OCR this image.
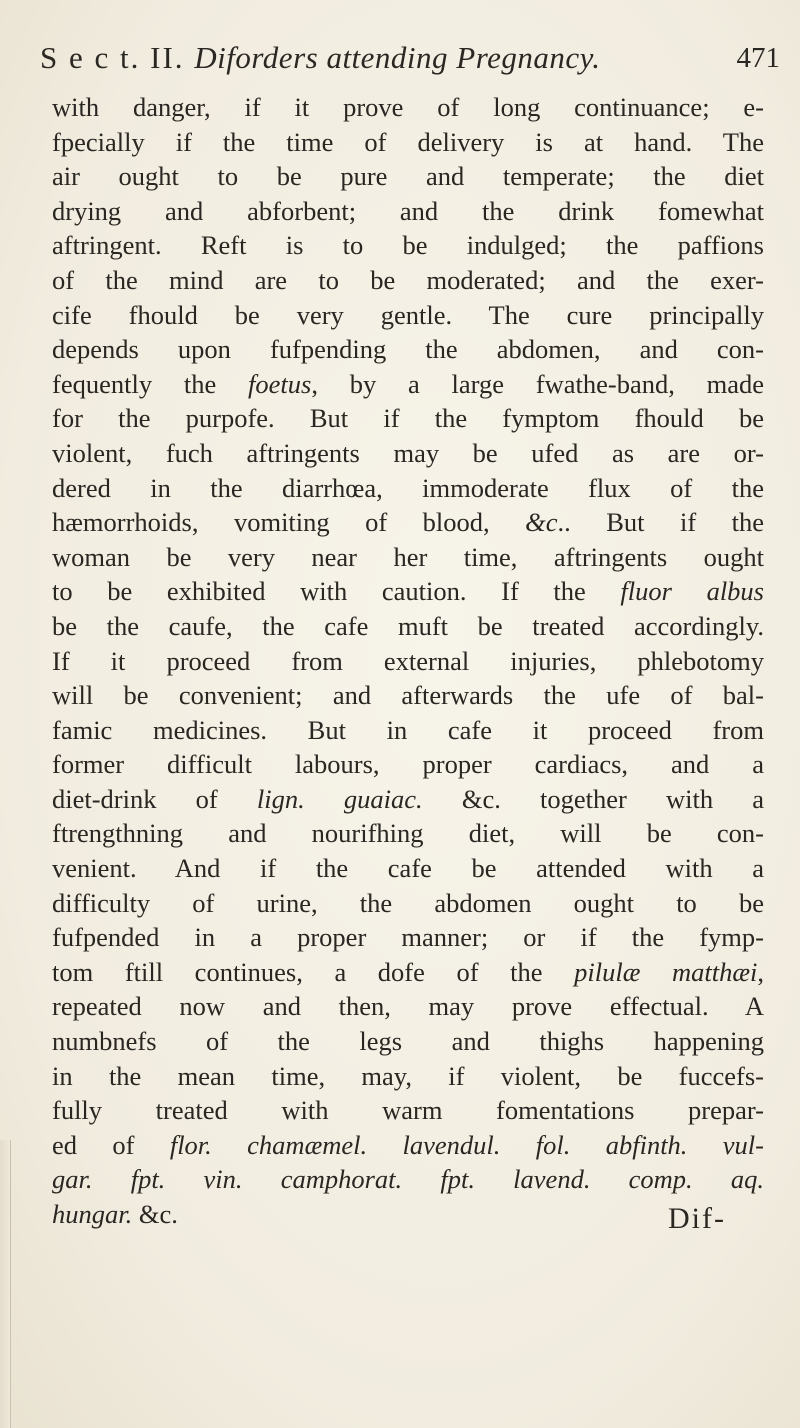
S e c t. II. Diforders attending Pregnancy.	471
with danger, if it prove of long continuance; e-
fpecially if the time of delivery is at hand. The
air ought to be pure and temperate; the diet
drying and abforbent; and the drink fomewhat
aftringent. Reft is to be indulged; the paffions
of the mind are to be moderated; and the exer-
cife fhould be very gentle. The cure principally
depends upon fufpending the abdomen, and con-
fequently the foetus, by a large fwathe-band, made
for the purpofe. But if the fymptom fhould be
violent, fuch aftringents may be ufed as are or-
dered in the diarrhœa, immoderate flux of the
hæmorrhoids, vomiting of blood, &c.. But if the
woman be very near her time, aftringents ought
to be exhibited with caution. If the fluor albus
be the caufe, the cafe muft be treated accordingly.
If it proceed from external injuries, phlebotomy
will be convenient; and afterwards the ufe of bal-
famic medicines. But in cafe it proceed from
former difficult labours, proper cardiacs, and a
diet-drink of lign. guaiac. &c. together with a
ftrengthning and nourifhing diet, will be con-
venient. And if the cafe be attended with a
difficulty of urine, the abdomen ought to be
fufpended in a proper manner; or if the fymp-
tom ftill continues, a dofe of the pilulæ matthæi,
repeated now and then, may prove effectual. A
numbnefs of the legs and thighs happening
in the mean time, may, if violent, be fuccefs-
fully treated with warm fomentations prepar-
ed of flor. chamæmel. lavendul. fol. abfinth. vul-
gar. fpt. vin. camphorat. fpt. lavend. comp. aq.
hungar. &c.	Dif-
